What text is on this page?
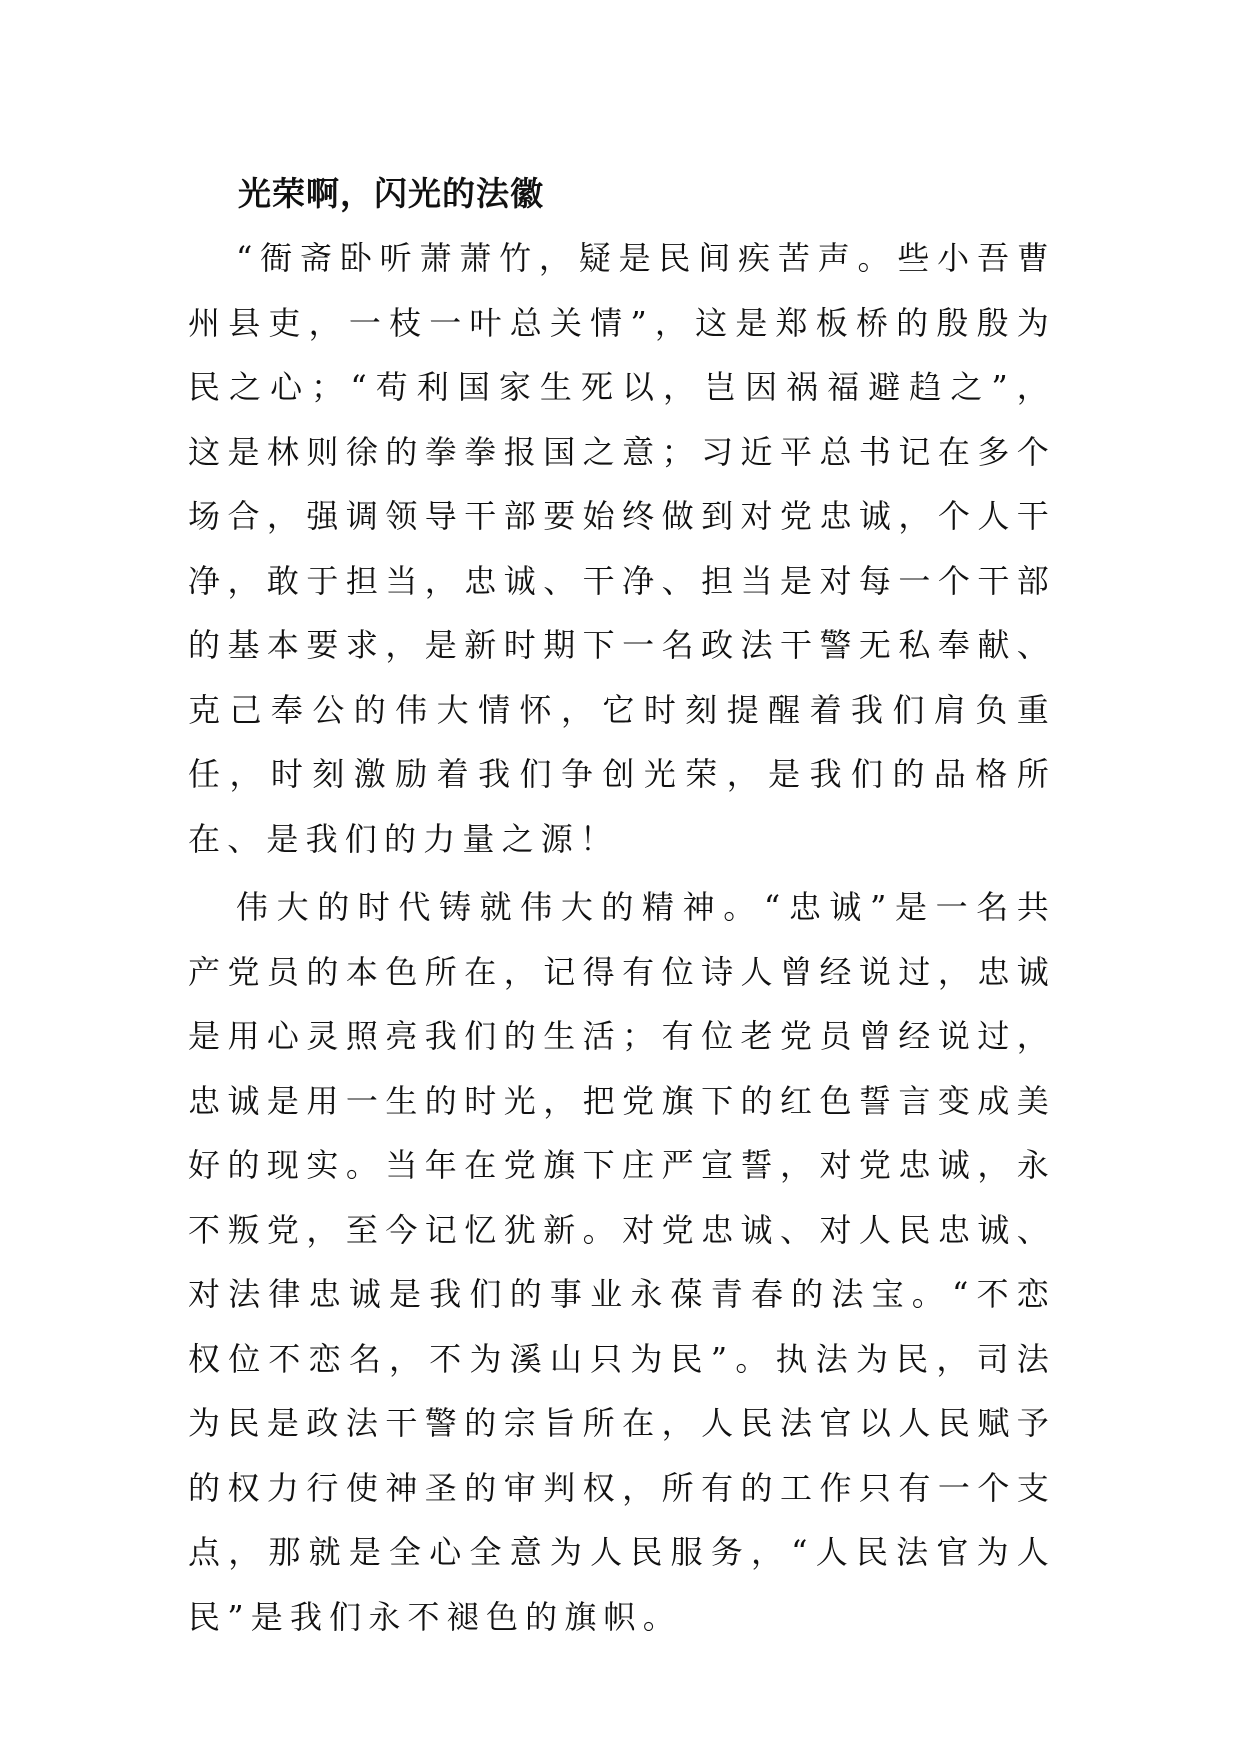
光荣啊，闪光的法徽

“衙斋卧听萧萧竹，疑是民间疾苦声。些小吾曹州县吏，一枝一叶总关情”，这是郑板桥的殷殷为民之心；“苟利国家生死以，岂因祸福避趋之”，这是林则徐的拳拳报国之意；习近平总书记在多个场合，强调领导干部要始终做到对党忠诚，个人干净，敢于担当，忠诚、干净、担当是对每一个干部的基本要求，是新时期下一名政法干警无私奉献、克己奉公的伟大情怀，它时刻提醒着我们肩负重任，时刻激励着我们争创光荣，是我们的品格所在、是我们的力量之源！

伟大的时代铸就伟大的精神。“忠诚”是一名共产党员的本色所在，记得有位诗人曾经说过，忠诚是用心灵照亮我们的生活；有位老党员曾经说过，忠诚是用一生的时光，把党旗下的红色誓言变成美好的现实。当年在党旗下庄严宣誓，对党忠诚，永不叛党，至今记忆犹新。对党忠诚、对人民忠诚、对法律忠诚是我们的事业永葆青春的法宝。“不恋权位不恋名，不为溪山只为民”。执法为民，司法为民是政法干警的宗旨所在，人民法官以人民赋予的权力行使神圣的审判权，所有的工作只有一个支点，那就是全心全意为人民服务，“人民法官为人民”是我们永不褪色的旗帜。
